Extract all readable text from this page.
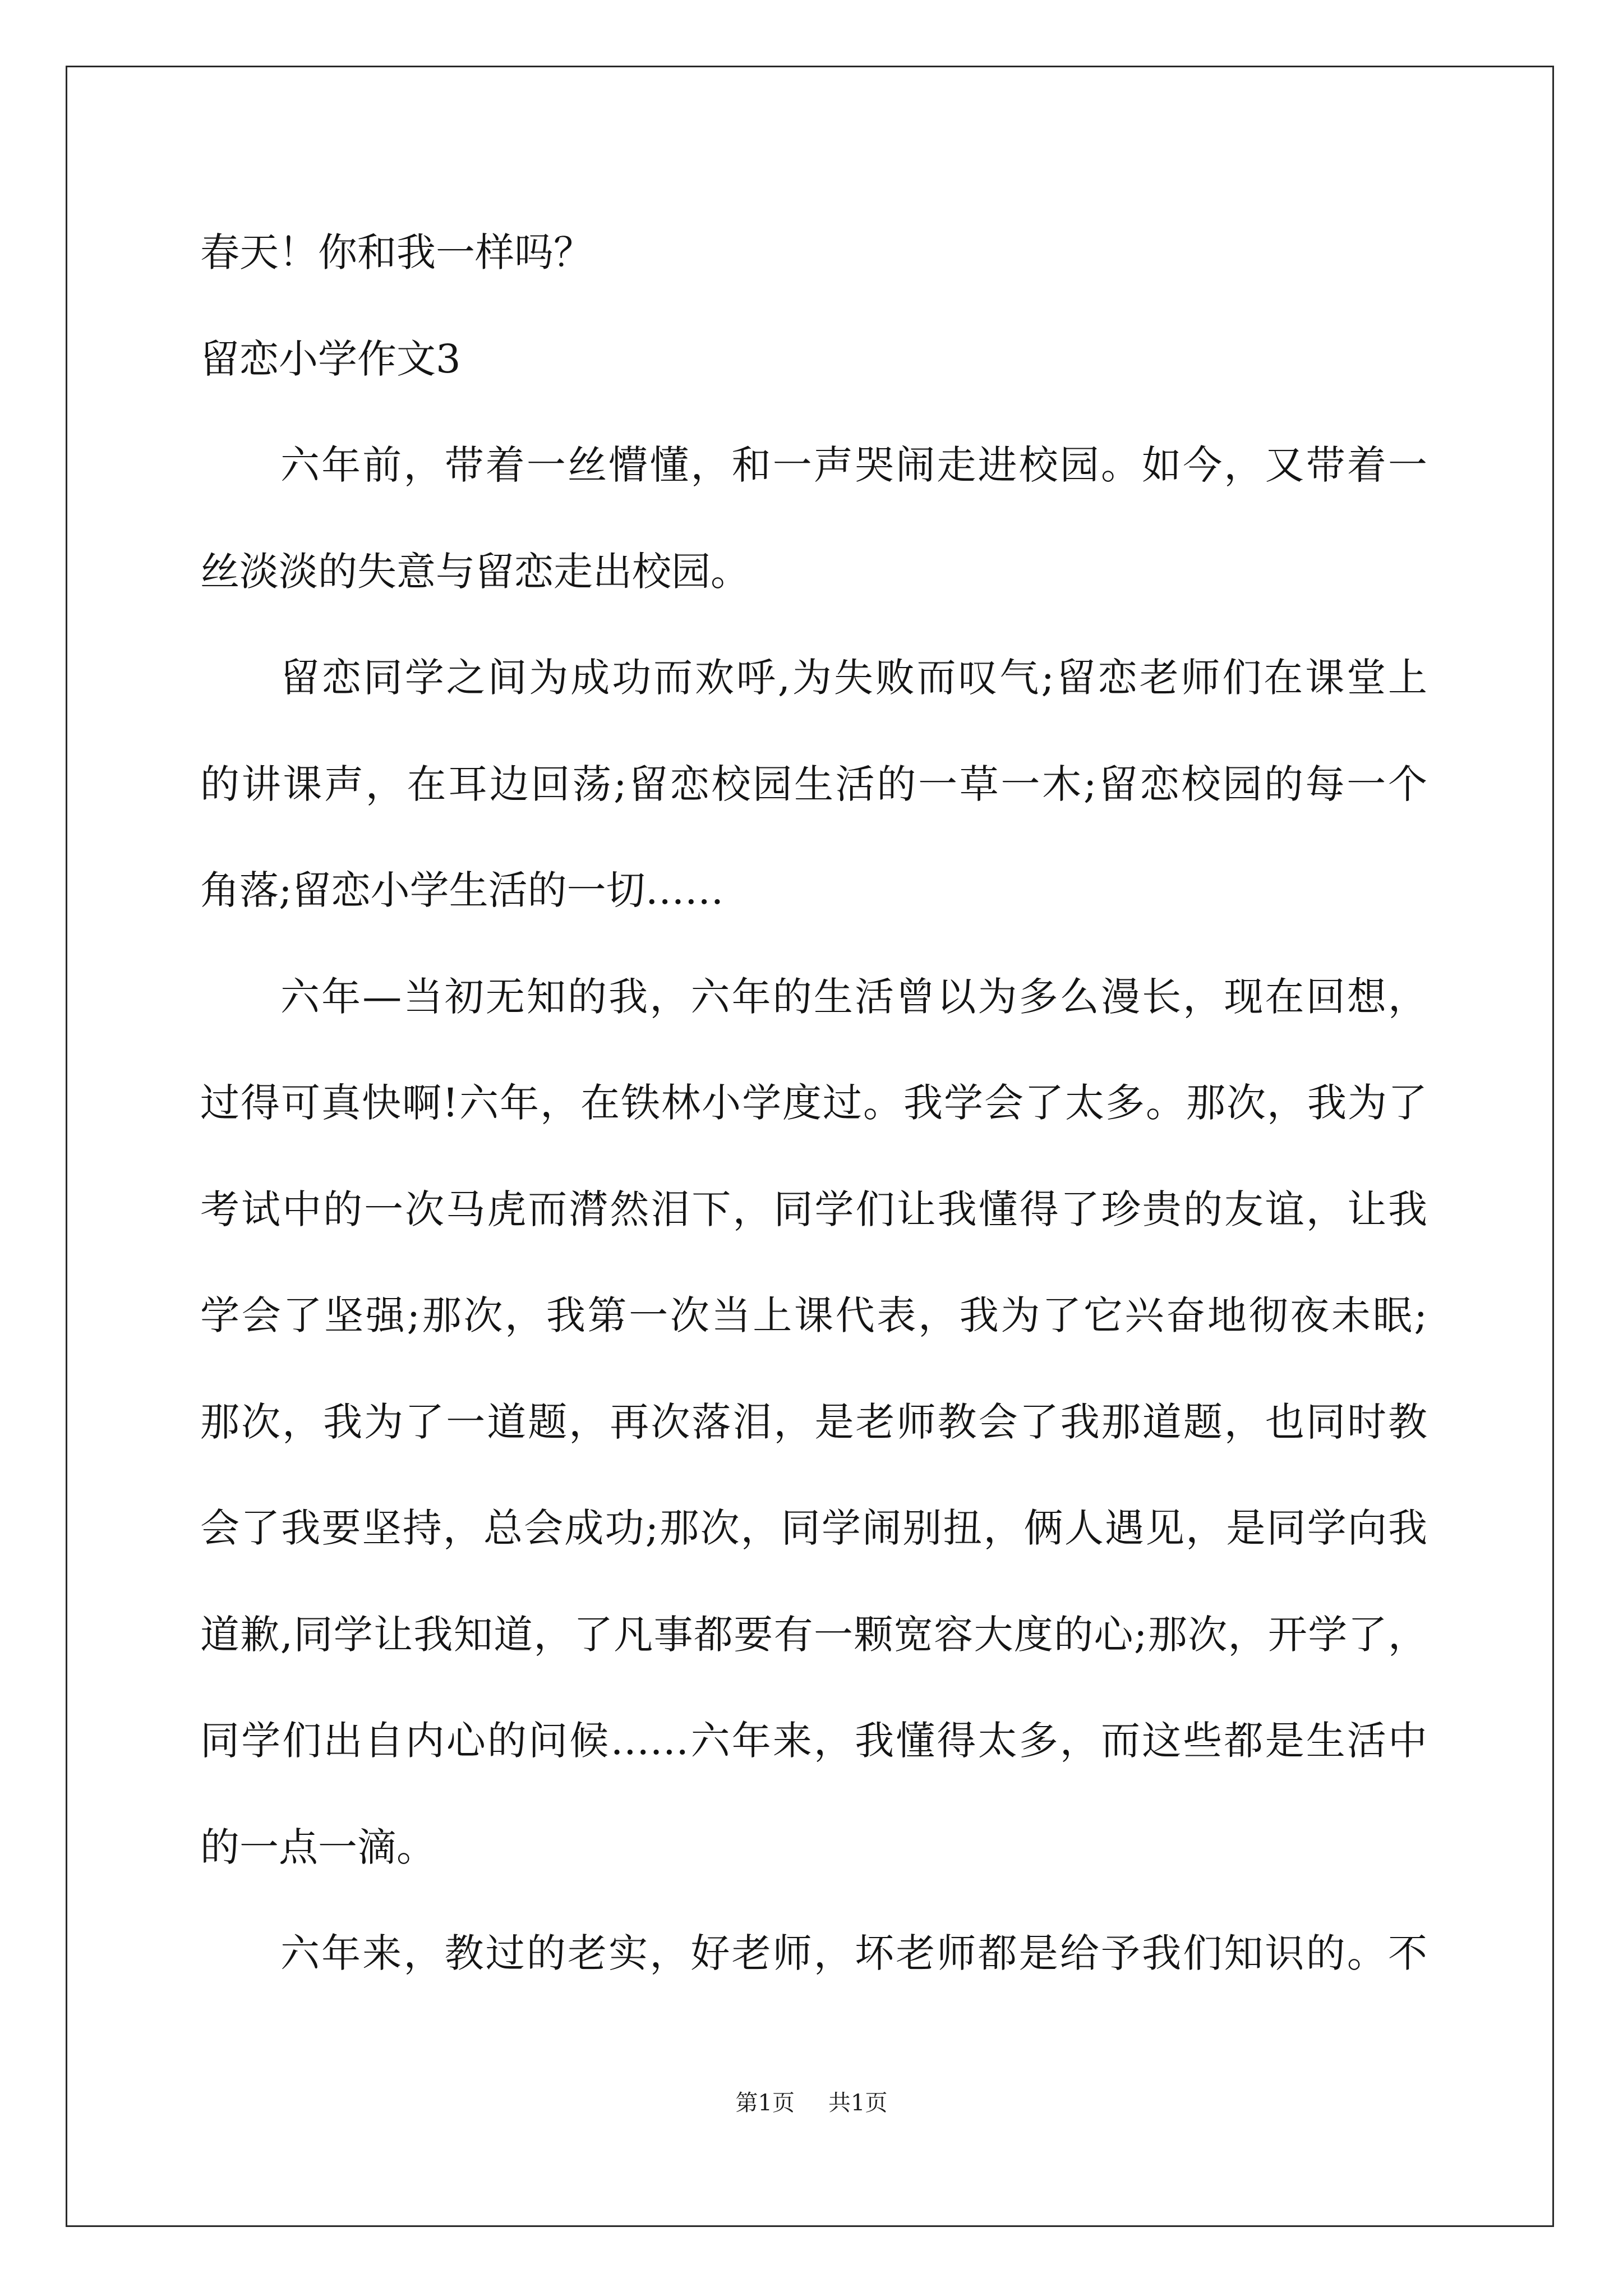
春天！你和我一样吗？
留恋小学作文3
六年前，带着一丝懵懂，和一声哭闹走进校园。如今，又带着一
丝淡淡的失意与留恋走出校园。
留恋同学之间为成功而欢呼,为失败而叹气;留恋老师们在课堂上
的讲课声，在耳边回荡;留恋校园生活的一草一木;留恋校园的每一个
角落;留恋小学生活的一切……
六年—当初无知的我，六年的生活曾以为多么漫长，现在回想，
过得可真快啊!六年，在铁林小学度过。我学会了太多。那次，我为了
考试中的一次马虎而潸然泪下，同学们让我懂得了珍贵的友谊，让我
学会了坚强;那次，我第一次当上课代表，我为了它兴奋地彻夜未眠;
那次，我为了一道题，再次落泪，是老师教会了我那道题，也同时教
会了我要坚持，总会成功;那次，同学闹别扭，俩人遇见，是同学向我
道歉,同学让我知道，了凡事都要有一颗宽容大度的心;那次，开学了，
同学们出自内心的问候……六年来，我懂得太多，而这些都是生活中
的一点一滴。
六年来，教过的老实，好老师，坏老师都是给予我们知识的。不
第1页 共1页
